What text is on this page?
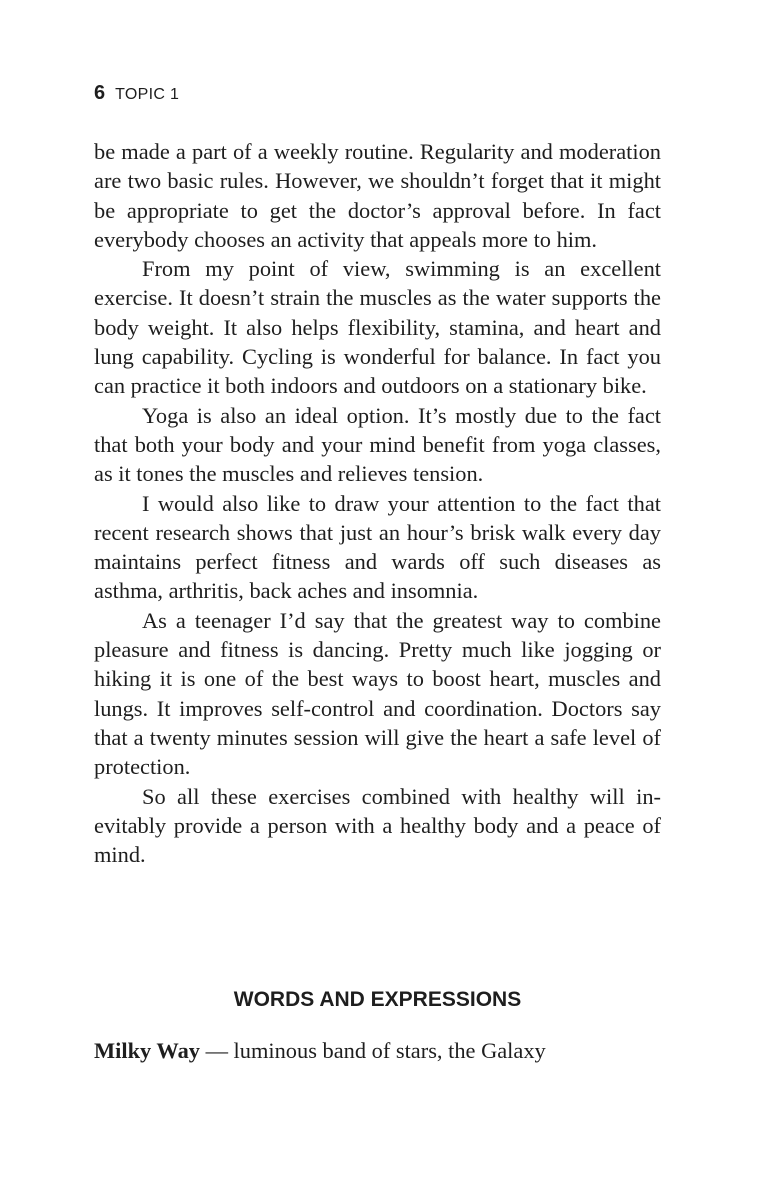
6 TOPIC 1

be made a part of a weekly routine. Regularity and moderation are two basic rules. However, we shouldn’t forget that it might be appropriate to get the doctor’s approval before. In fact everybody chooses an activity that appeals more to him.

From my point of view, swimming is an excellent exercise. It doesn’t strain the muscles as the water supports the body weight. It also helps flexibility, stamina, and heart and lung capability. Cycling is wonderful for balance. In fact you can practice it both indoors and outdoors on a stationary bike.

Yoga is also an ideal option. It’s mostly due to the fact that both your body and your mind benefit from yoga classes, as it tones the muscles and relieves tension.

I would also like to draw your attention to the fact that recent research shows that just an hour’s brisk walk every day maintains perfect fitness and wards off such diseases as asthma, arthritis, back aches and insomnia.

As a teenager I’d say that the greatest way to combine pleasure and fitness is dancing. Pretty much like jogging or hiking it is one of the best ways to boost heart, muscles and lungs. It improves self-control and coordination. Doctors say that a twenty minutes session will give the heart a safe level of protection.

So all these exercises combined with healthy will inevitably provide a person with a healthy body and a peace of mind.

WORDS AND EXPRESSIONS
Milky Way — luminous band of stars, the Galaxy
